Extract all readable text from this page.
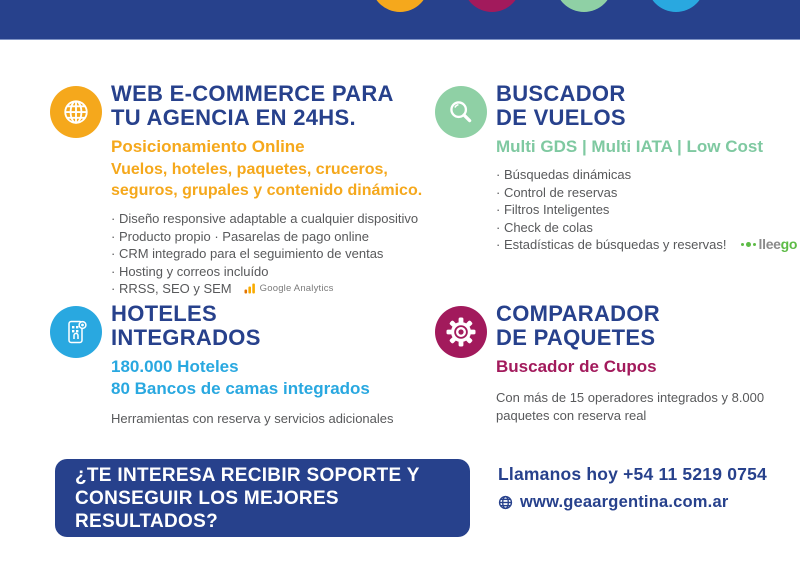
WEB E-COMMERCE PARA
TU AGENCIA EN 24HS.
Posicionamiento Online
Vuelos, hoteles, paquetes, cruceros, seguros, grupales y contenido dinámico.
· Diseño responsive adaptable a cualquier dispositivo
· Producto propio · Pasarelas de pago online
· CRM integrado para el seguimiento de ventas
· Hosting y correos incluído
· RRSS, SEO y SEM	Google Analytics
BUSCADOR
DE VUELOS
Multi GDS | Multi IATA | Low Cost
· Búsquedas dinámicas
· Control de reservas
· Filtros Inteligentes
· Check de colas
· Estadísticas de búsquedas y reservas! lleego
HOTELES
INTEGRADOS
180.000 Hoteles
80 Bancos de camas integrados
Herramientas con reserva y servicios adicionales
COMPARADOR
DE PAQUETES
Buscador de Cupos
Con más de 15 operadores integrados y 8.000 paquetes con reserva real
¿TE INTERESA RECIBIR SOPORTE Y
CONSEGUIR LOS MEJORES RESULTADOS?
Llamanos hoy +54 11 5219 0754
www.geaargentina.com.ar
